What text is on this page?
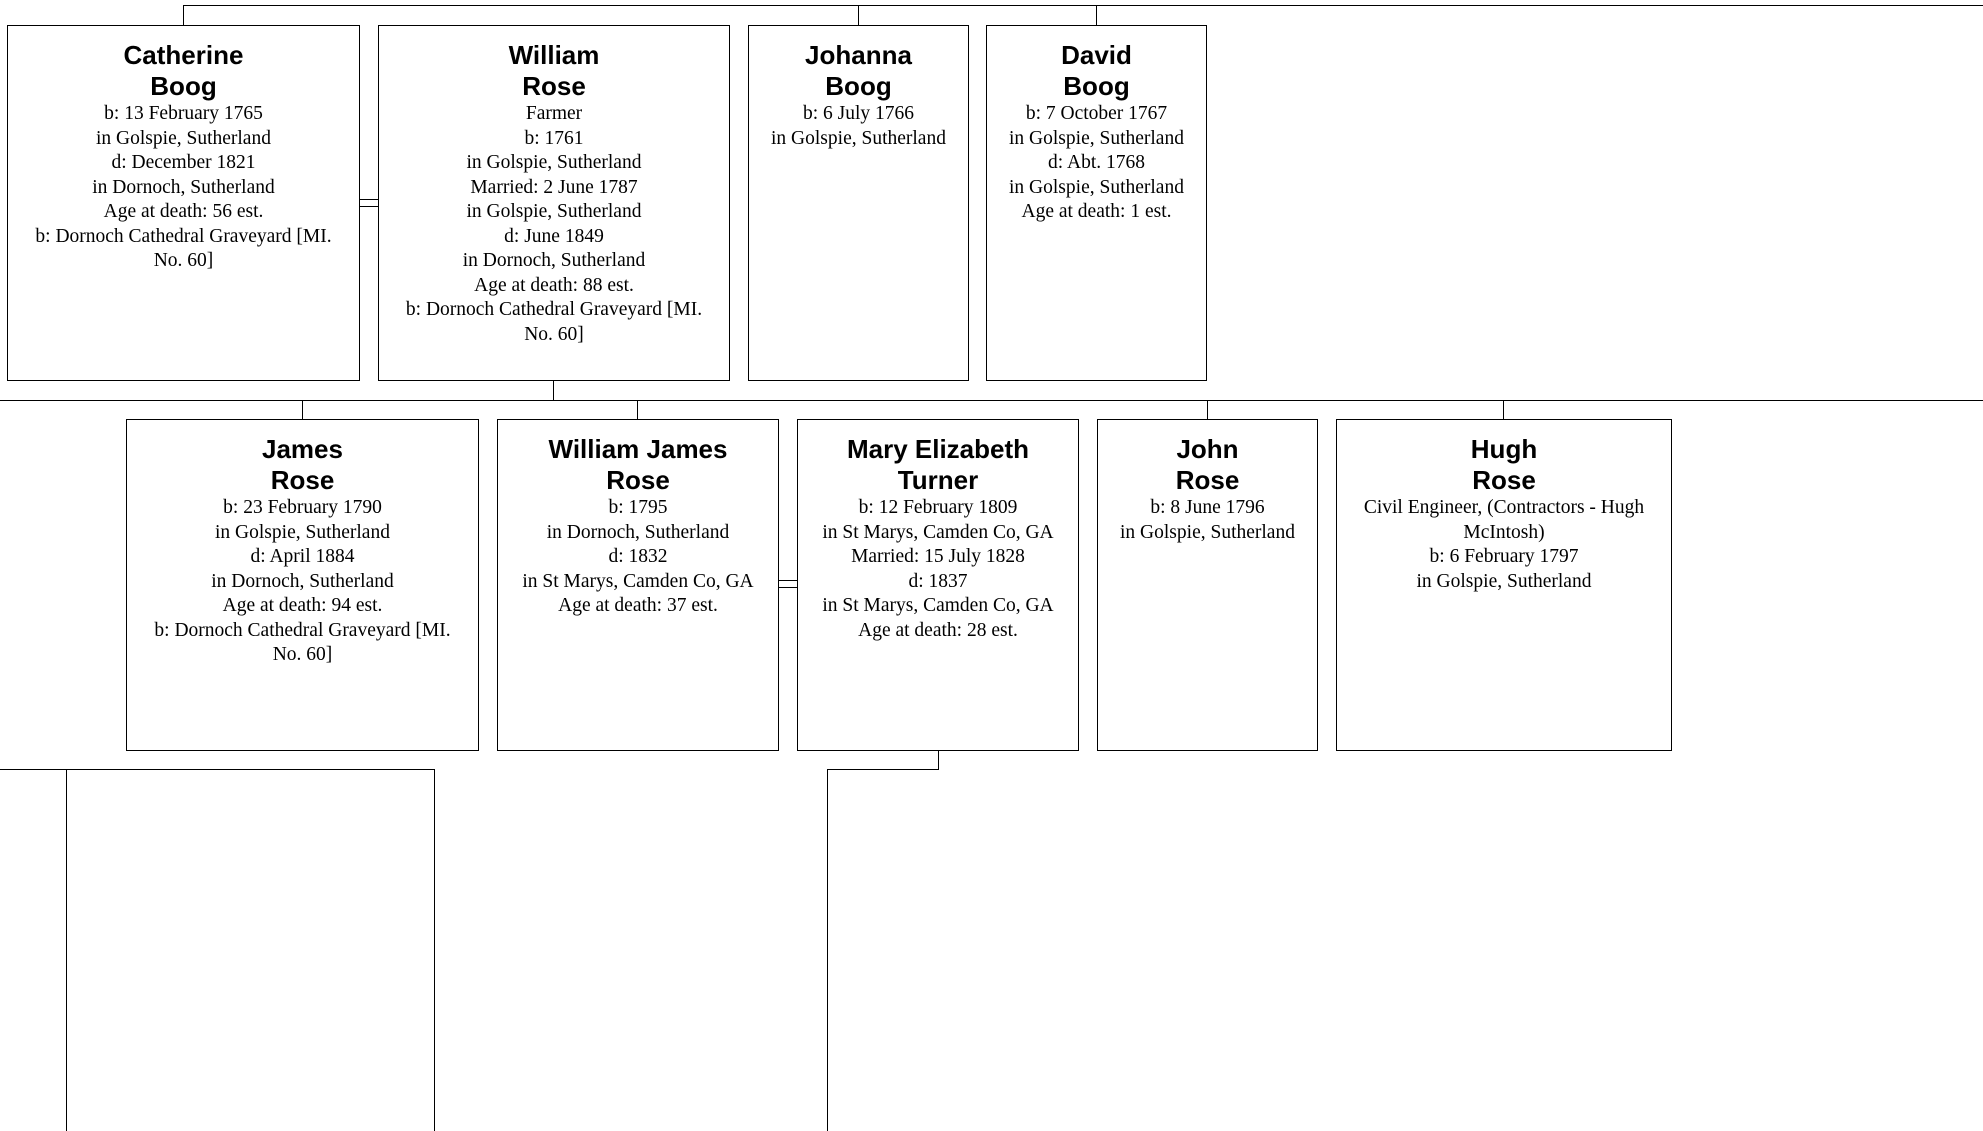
Catherine
Boog
b: 13 February 1765
in Golspie, Sutherland
d: December 1821
in Dornoch, Sutherland
Age at death: 56 est.
b: Dornoch Cathedral Graveyard [MI.
No. 60]
William
Rose
Farmer
b: 1761
in Golspie, Sutherland
Married: 2 June 1787
in Golspie, Sutherland
d: June 1849
in Dornoch, Sutherland
Age at death: 88 est.
b: Dornoch Cathedral Graveyard [MI.
No. 60]
Johanna
Boog
b: 6 July 1766
in Golspie, Sutherland
David
Boog
b: 7 October 1767
in Golspie, Sutherland
d: Abt. 1768
in Golspie, Sutherland
Age at death: 1 est.
James
Rose
b: 23 February 1790
in Golspie, Sutherland
d: April 1884
in Dornoch, Sutherland
Age at death: 94 est.
b: Dornoch Cathedral Graveyard [MI.
No. 60]
William James
Rose
b: 1795
in Dornoch, Sutherland
d: 1832
in St Marys, Camden Co, GA
Age at death: 37 est.
Mary Elizabeth
Turner
b: 12 February 1809
in St Marys, Camden Co, GA
Married: 15 July 1828
d: 1837
in St Marys, Camden Co, GA
Age at death: 28 est.
John
Rose
b: 8 June 1796
in Golspie, Sutherland
Hugh
Rose
Civil Engineer, (Contractors - Hugh
McIntosh)
b: 6 February 1797
in Golspie, Sutherland
